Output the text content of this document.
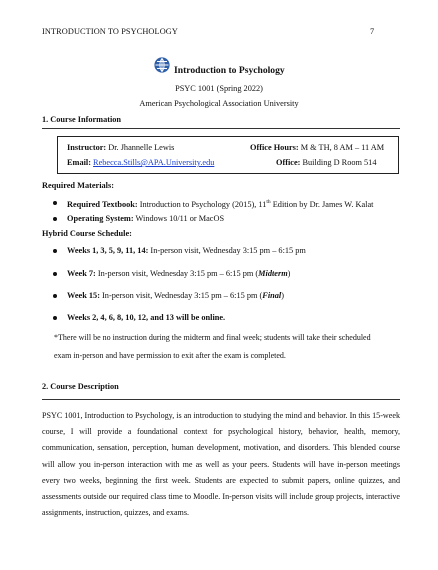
INTRODUCTION TO PSYCHOLOGY	7
Introduction to Psychology
PSYC 1001 (Spring 2022)
American Psychological Association University
1. Course Information
Instructor: Dr. Jhannelle Lewis	Office Hours: M & TH, 8 AM – 11 AM
Email: Rebecca.Stills@APA.University.edu	Office: Building D Room 514
Required Materials:
Required Textbook: Introduction to Psychology (2015), 11th Edition by Dr. James W. Kalat
Operating System: Windows 10/11 or MacOS
Hybrid Course Schedule:
Weeks 1, 3, 5, 9, 11, 14: In-person visit, Wednesday 3:15 pm – 6:15 pm
Week 7: In-person visit, Wednesday 3:15 pm – 6:15 pm (Midterm)
Week 15: In-person visit, Wednesday 3:15 pm – 6:15 pm (Final)
Weeks 2, 4, 6, 8, 10, 12, and 13 will be online.
*There will be no instruction during the midterm and final week; students will take their scheduled
exam in-person and have permission to exit after the exam is completed.
2. Course Description

PSYC 1001, Introduction to Psychology, is an introduction to studying the mind and behavior. In this 15-week course, I will provide a foundational context for psychological history, behavior, health, memory, communication, sensation, perception, human development, motivation, and disorders. This blended course will allow you in-person interaction with me as well as your peers. Students will have in-person meetings every two weeks, beginning the first week. Students are expected to submit papers, online quizzes, and assessments outside our required class time to Moodle. In-person visits will include group projects, interactive assignments, instruction, quizzes, and exams.
